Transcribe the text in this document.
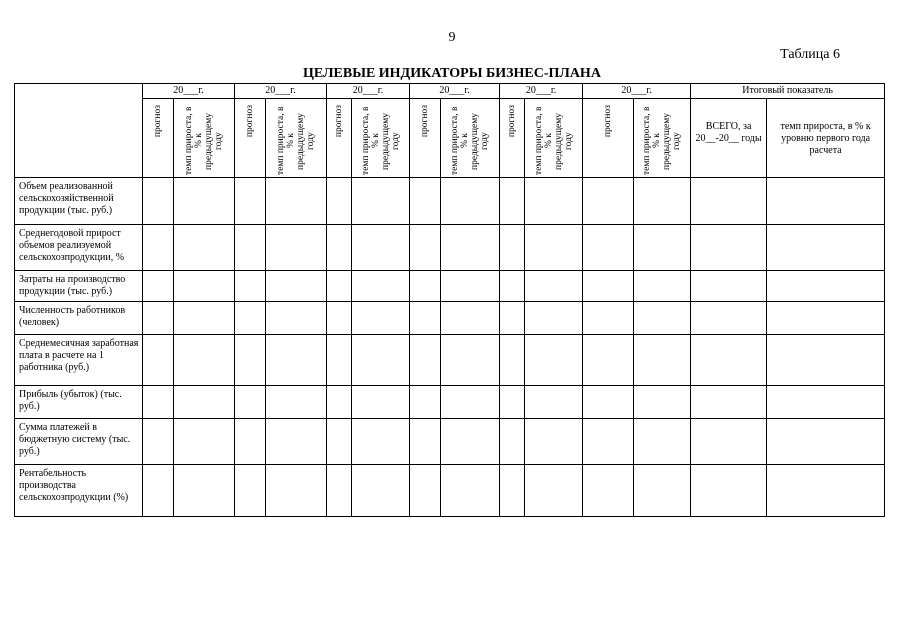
9
Таблица 6
ЦЕЛЕВЫЕ ИНДИКАТОРЫ БИЗНЕС-ПЛАНА
	20___г.		20___г.		20___г.		20___г.		20___г.		20___г.		Итоговый показатель	

	прогноз	темп прироста, в % к предыдущему году	прогноз	темп прироста, в % к предыдущему году	прогноз	темп прироста, в % к предыдущему году	прогноз	темп прироста, в % к предыдущему году	прогноз	темп прироста, в % к предыдущему году	прогноз	темп прироста, в % к предыдущему году	ВСЕГО, за 20__-20__ годы	темп прироста, в % к уровню первого года расчета
Объем реализованной сельскохозяйственной продукции (тыс. руб.)														
Среднегодовой прирост объемов реализуемой сельскохозпродукции, %														
Затраты на производство продукции (тыс. руб.)														
Численность работников (человек)														
Среднемесячная заработная плата в расчете на 1 работника (руб.)														
Прибыль (убыток) (тыс. руб.)														
Сумма платежей в бюджетную систему (тыс. руб.)														
Рентабельность производства сельскохозпродукции (%)														
